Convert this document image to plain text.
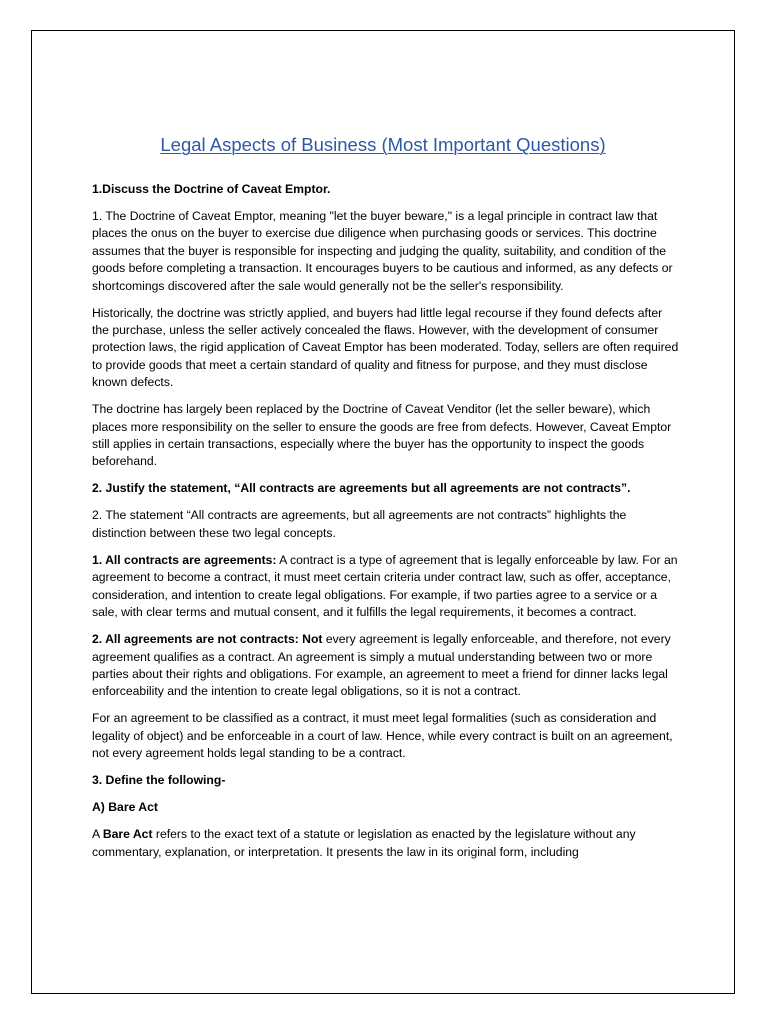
Legal Aspects of Business (Most Important Questions)

1.Discuss the Doctrine of Caveat Emptor.

1. The Doctrine of Caveat Emptor, meaning "let the buyer beware," is a legal principle in contract law that places the onus on the buyer to exercise due diligence when purchasing goods or services. This doctrine assumes that the buyer is responsible for inspecting and judging the quality, suitability, and condition of the goods before completing a transaction. It encourages buyers to be cautious and informed, as any defects or shortcomings discovered after the sale would generally not be the seller's responsibility.

Historically, the doctrine was strictly applied, and buyers had little legal recourse if they found defects after the purchase, unless the seller actively concealed the flaws. However, with the development of consumer protection laws, the rigid application of Caveat Emptor has been moderated. Today, sellers are often required to provide goods that meet a certain standard of quality and fitness for purpose, and they must disclose known defects.

The doctrine has largely been replaced by the Doctrine of Caveat Venditor (let the seller beware), which places more responsibility on the seller to ensure the goods are free from defects. However, Caveat Emptor still applies in certain transactions, especially where the buyer has the opportunity to inspect the goods beforehand.

2. Justify the statement, “All contracts are agreements but all agreements are not contracts”.

2. The statement “All contracts are agreements, but all agreements are not contracts” highlights the distinction between these two legal concepts.

1. All contracts are agreements: A contract is a type of agreement that is legally enforceable by law. For an agreement to become a contract, it must meet certain criteria under contract law, such as offer, acceptance, consideration, and intention to create legal obligations. For example, if two parties agree to a service or a sale, with clear terms and mutual consent, and it fulfills the legal requirements, it becomes a contract.

2. All agreements are not contracts: Not every agreement is legally enforceable, and therefore, not every agreement qualifies as a contract. An agreement is simply a mutual understanding between two or more parties about their rights and obligations. For example, an agreement to meet a friend for dinner lacks legal enforceability and the intention to create legal obligations, so it is not a contract.

For an agreement to be classified as a contract, it must meet legal formalities (such as consideration and legality of object) and be enforceable in a court of law. Hence, while every contract is built on an agreement, not every agreement holds legal standing to be a contract.

3. Define the following-

A) Bare Act

A Bare Act refers to the exact text of a statute or legislation as enacted by the legislature without any commentary, explanation, or interpretation. It presents the law in its original form, including
